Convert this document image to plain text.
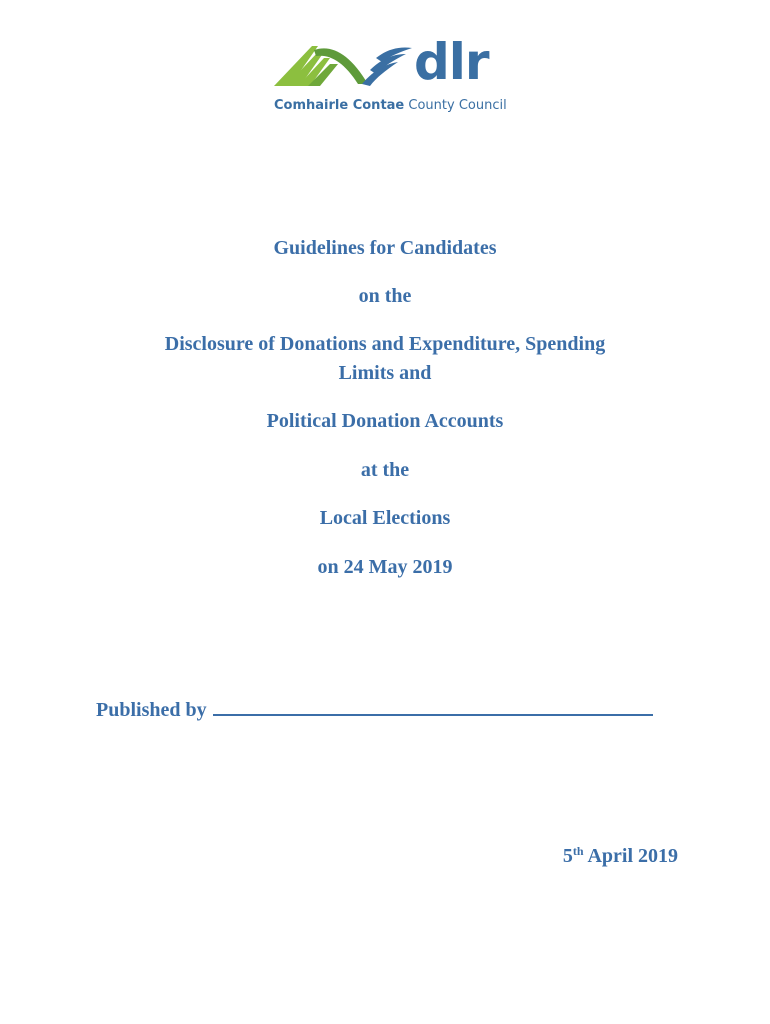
dlr
Comhairle Contae County Council
Guidelines for Candidates
on the
Disclosure of Donations and Expenditure, Spending
Limits and
Political Donation Accounts
at the
Local Elections
on 24 May 2019
Published by
5th April 2019
